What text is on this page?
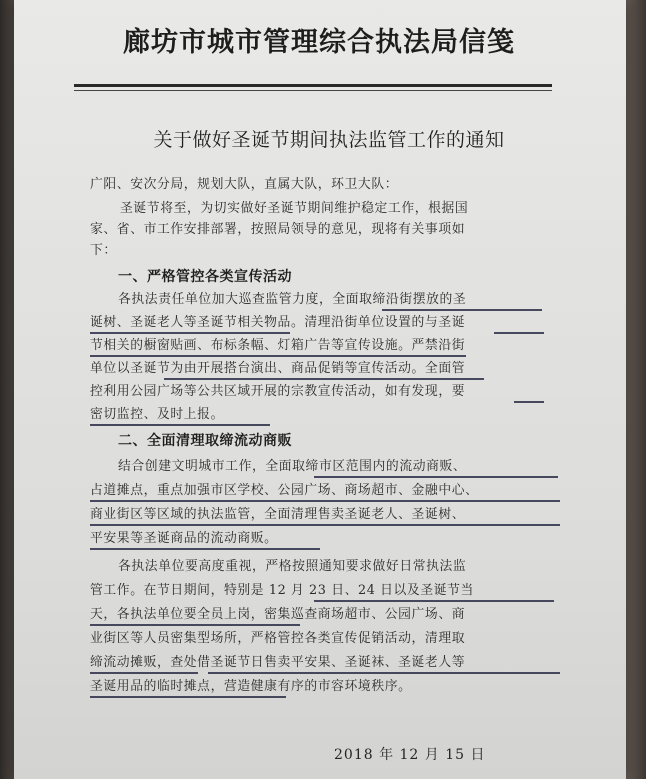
廊坊市城市管理综合执法局信笺
关于做好圣诞节期间执法监管工作的通知
广阳、安次分局，规划大队，直属大队，环卫大队：
圣诞节将至，为切实做好圣诞节期间维护稳定工作，根据国
家、省、市工作安排部署，按照局领导的意见，现将有关事项如
下：
一、严格管控各类宣传活动
各执法责任单位加大巡查监管力度，全面取缔沿街摆放的圣
诞树、圣诞老人等圣诞节相关物品。清理沿街单位设置的与圣诞
节相关的橱窗贴画、布标条幅、灯箱广告等宣传设施。严禁沿街
单位以圣诞节为由开展搭台演出、商品促销等宣传活动。全面管
控利用公园广场等公共区域开展的宗教宣传活动，如有发现，要
密切监控、及时上报。
二、全面清理取缔流动商贩
结合创建文明城市工作，全面取缔市区范围内的流动商贩、
占道摊点，重点加强市区学校、公园广场、商场超市、金融中心、
商业街区等区域的执法监管，全面清理售卖圣诞老人、圣诞树、
平安果等圣诞商品的流动商贩。
各执法单位要高度重视，严格按照通知要求做好日常执法监
管工作。在节日期间，特别是 12 月 23 日、24 日以及圣诞节当
天，各执法单位要全员上岗，密集巡查商场超市、公园广场、商
业街区等人员密集型场所，严格管控各类宣传促销活动，清理取
缔流动摊贩，查处借圣诞节日售卖平安果、圣诞袜、圣诞老人等
圣诞用品的临时摊点，营造健康有序的市容环境秩序。
2018 年 12 月 15 日
